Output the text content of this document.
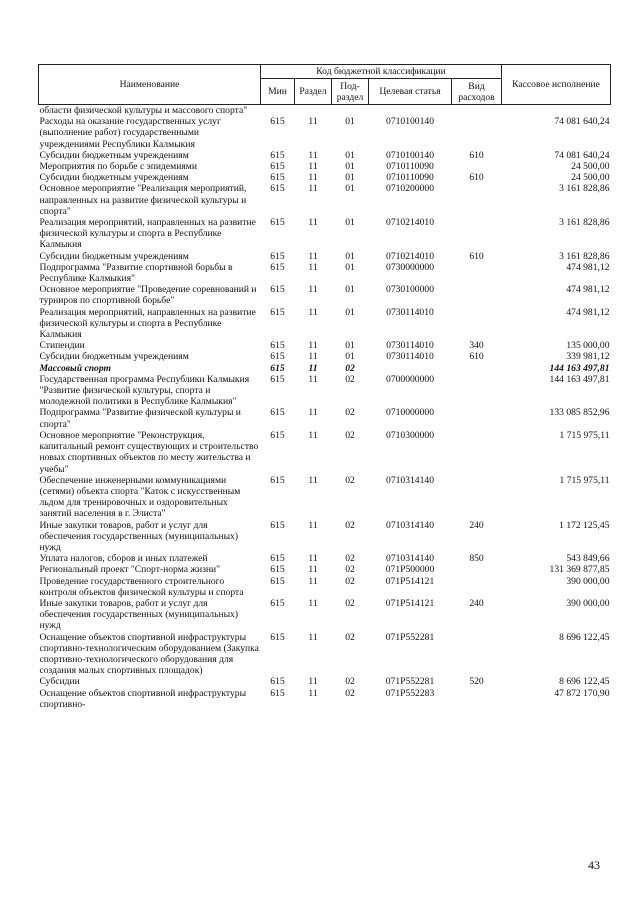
Наименование	Код бюджетной классификации					Кассовое исполнение
	Мин	Раздел	Под-раздел	Целевая статья	Вид расходов	
области физической культуры и массового спорта"						
Расходы на оказание государственных услуг (выполнение работ) государственными учреждениями Республики Калмыкия	615	11	01	0710100140		74 081 640,24
Субсидии бюджетным учреждениям	615	11	01	0710100140	610	74 081 640,24
Мероприятия по борьбе с эпидемиями	615	11	01	0710110090		24 500,00
Субсидии бюджетным учреждениям	615	11	01	0710110090	610	24 500,00
Основное мероприятие "Реализация мероприятий, направленных на развитие физической культуры и спорта"	615	11	01	0710200000		3 161 828,86
Реализация мероприятий, направленных на развитие физической культуры и спорта в Республике Калмыкия	615	11	01	0710214010		3 161 828,86
Субсидии бюджетным учреждениям	615	11	01	0710214010	610	3 161 828,86
Подпрограмма "Развитие спортивной борьбы в Республике Калмыкия"	615	11	01	0730000000		474 981,12
Основное мероприятие "Проведение соревнований и турниров по спортивной борьбе"	615	11	01	0730100000		474 981,12
Реализация мероприятий, направленных на развитие физической культуры и спорта в Республике Калмыкия	615	11	01	0730114010		474 981,12
Стипендии	615	11	01	0730114010	340	135 000,00
Субсидии бюджетным учреждениям	615	11	01	0730114010	610	339 981,12
Массовый спорт	615	11	02			144 163 497,81
Государственная программа Республики Калмыкия "Развитие физической культуры, спорта и молодежной политики в Республике Калмыкия"	615	11	02	0700000000		144 163 497,81
Подпрограмма "Развитие физической культуры и спорта"	615	11	02	0710000000		133 085 852,96
Основное мероприятие "Реконструкция, капитальный ремонт существующих и строительство новых спортивных объектов по месту жительства и учебы"	615	11	02	0710300000		1 715 975,11
Обеспечение инженерными коммуникациями (сетями) объекта спорта "Каток с искусственным льдом для тренировочных и оздоровительных занятий населения в г. Элиста"	615	11	02	0710314140		1 715 975,11
Иные закупки товаров, работ и услуг для обеспечения государственных (муниципальных) нужд	615	11	02	0710314140	240	1 172 125,45
Уплата налогов, сборов и иных платежей	615	11	02	0710314140	850	543 849,66
Региональный проект "Спорт-норма жизни"	615	11	02	071P500000		131 369 877,85
Проведение государственного строительного контроля объектов физической культуры и спорта	615	11	02	071P514121		390 000,00
Иные закупки товаров, работ и услуг для обеспечения государственных (муниципальных) нужд	615	11	02	071P514121	240	390 000,00
Оснащение объектов спортивной инфраструктуры спортивно-технологическим оборудованием (Закупка спортивно-технологического оборудования для создания малых спортивных площадок)	615	11	02	071P552281		8 696 122,45
Субсидии	615	11	02	071P552281	520	8 696 122,45
Оснащение объектов спортивной инфраструктуры спортивно-	615	11	02	071P552283		47 872 170,90
43
